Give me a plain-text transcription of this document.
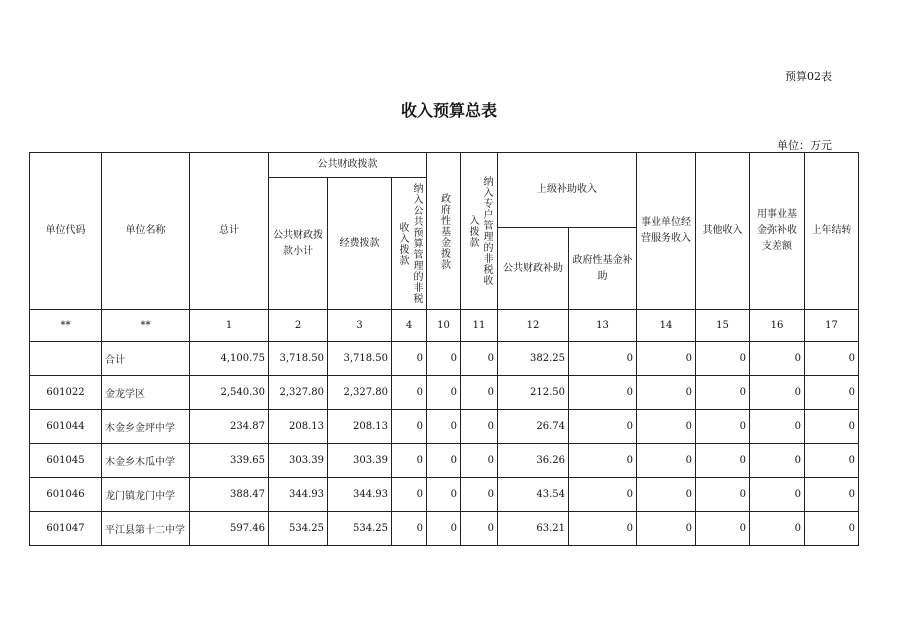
预算02表
收入预算总表
单位：万元
单位代码	单位名称	总计	公共财政拨款			政府性基金拨款	纳入专户管理的非税收入拨款	上级补助收入		事业单位经营服务收入	其他收入	用事业基金弥补收支差额	上年结转
			公共财政拨款小计	经费拨款	纳入公共预算管理的非税收入拨款								

								公共财政补助	政府性基金补助				
**	**	1	2	3	4	10	11	12	13	14	15	16	17
	合计	4,100.75	3,718.50	3,718.50	0	0	0	382.25	0	0	0	0	0
601022	金龙学区	2,540.30	2,327.80	2,327.80	0	0	0	212.50	0	0	0	0	0
601044	木金乡金坪中学	234.87	208.13	208.13	0	0	0	26.74	0	0	0	0	0
601045	木金乡木瓜中学	339.65	303.39	303.39	0	0	0	36.26	0	0	0	0	0
601046	龙门镇龙门中学	388.47	344.93	344.93	0	0	0	43.54	0	0	0	0	0
601047	平江县第十二中学	597.46	534.25	534.25	0	0	0	63.21	0	0	0	0	0
